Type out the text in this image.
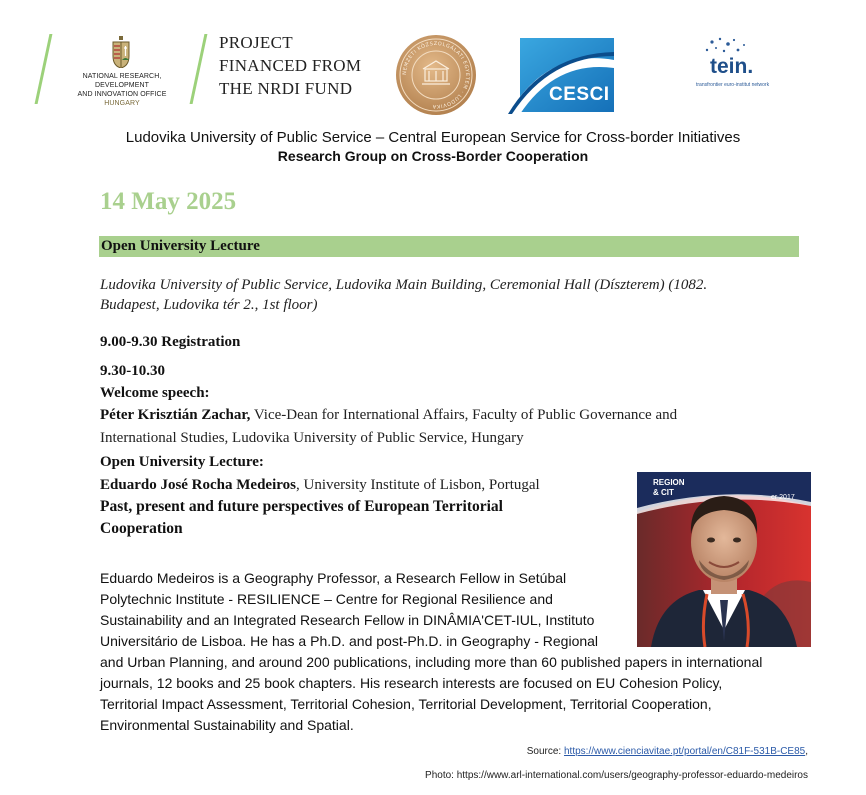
NATIONAL RESEARCH, DEVELOPMENT
AND INNOVATION OFFICE
HUNGARY
PROJECT
FINANCED FROM
THE NRDI FUND
NEMZETI KÖZSZOLGÁLATI EGYETEM · LUDOVIKA
CESCI
tein.
transfrontier euro-institut network
Ludovika University of Public Service – Central European Service for Cross-border Initiatives
Research Group on Cross-Border Cooperation
14 May 2025
Open University Lecture
Ludovika University of Public Service, Ludovika Main Building, Ceremonial Hall (Díszterem) (1082.
Budapest, Ludovika tér 2., 1st floor)
9.00-9.30 Registration
9.30-10.30
Welcome speech:
Péter Krisztián Zachar, Vice-Dean for International Affairs, Faculty of Public Governance and
International Studies, Ludovika University of Public Service, Hungary
Open University Lecture:
Eduardo José Rocha Medeiros, University Institute of Lisbon, Portugal
Past, present and future perspectives of European Territorial
Cooperation
REGION
& CIT
er 2017
Eduardo Medeiros is a Geography Professor, a Research Fellow in Setúbal
Polytechnic Institute - RESILIENCE – Centre for Regional Resilience and
Sustainability and an Integrated Research Fellow in DINÂMIA'CET-IUL, Instituto
Universitário de Lisboa. He has a Ph.D. and post-Ph.D. in Geography - Regional
and Urban Planning, and around 200 publications, including more than 60 published papers in international
journals, 12 books and 25 book chapters. His research interests are focused on EU Cohesion Policy,
Territorial Impact Assessment, Territorial Cohesion, Territorial Development, Territorial Cooperation,
Environmental Sustainability and Spatial.
Source: https://www.cienciavitae.pt/portal/en/C81F-531B-CE85,
Photo: https://www.arl-international.com/users/geography-professor-eduardo-medeiros
